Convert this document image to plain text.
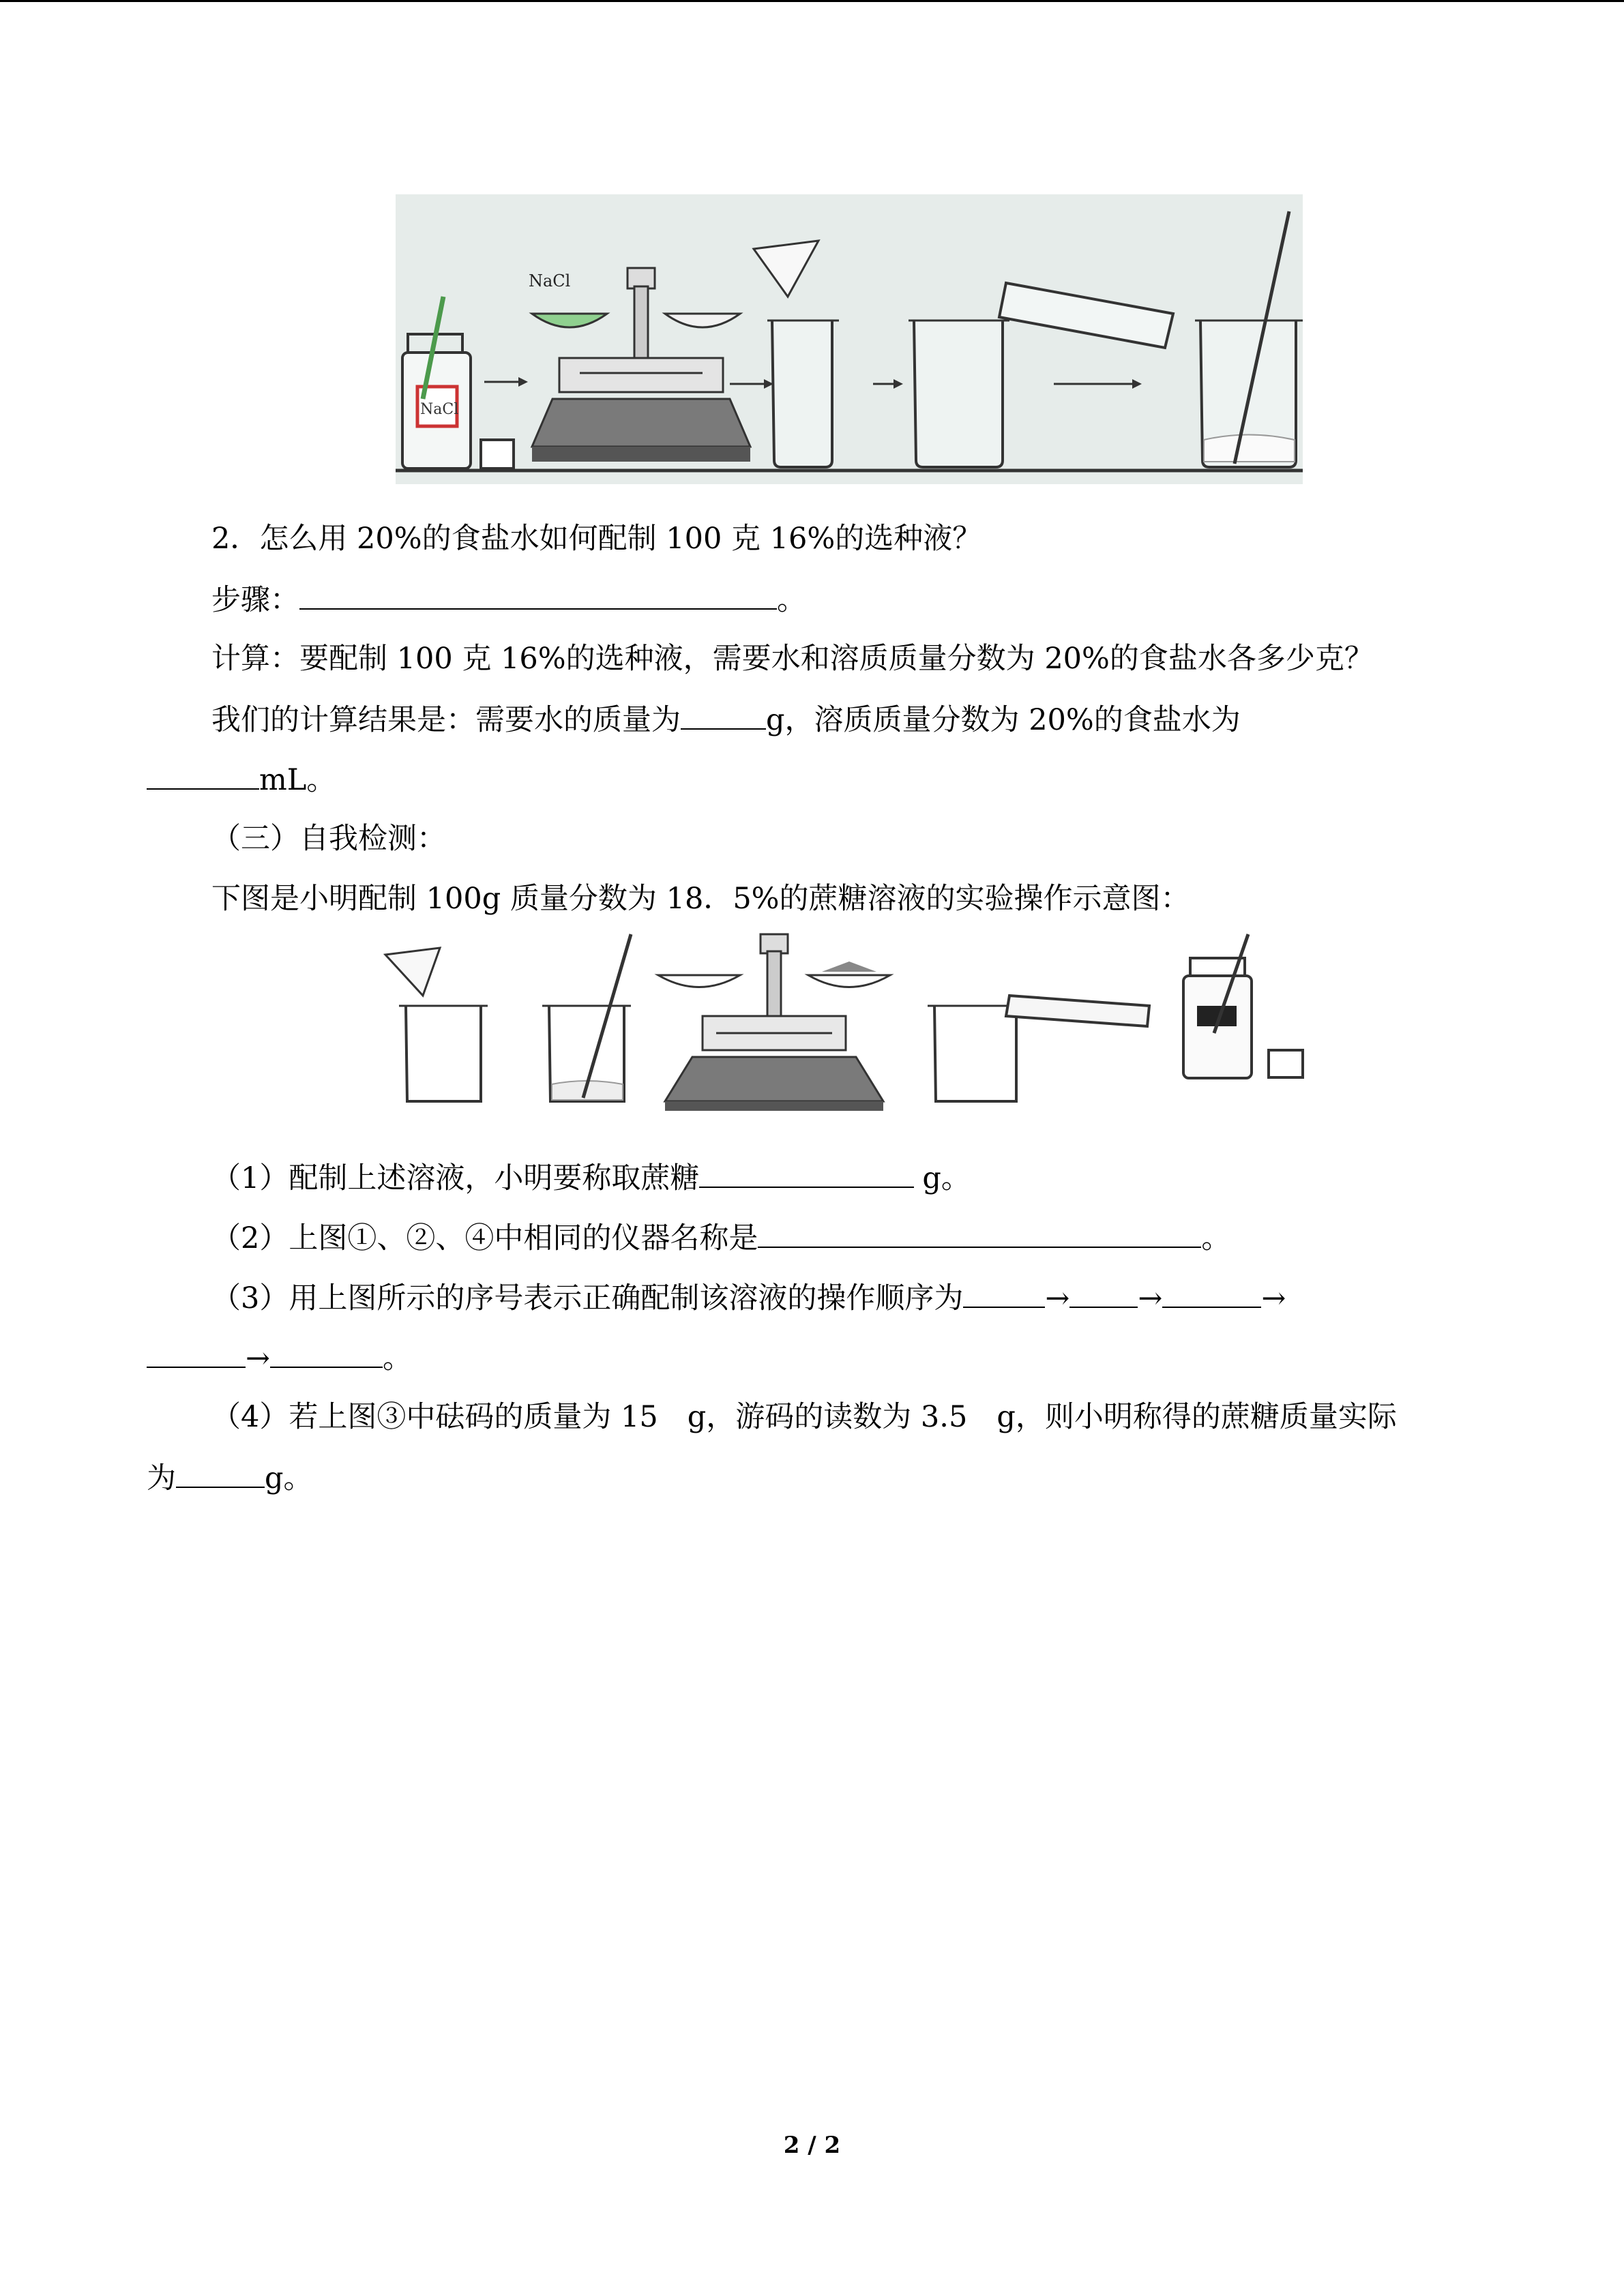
NaCl
NaCl
2．怎么用 20%的食盐水如何配制 100 克 16%的选种液？
步骤：	。
计算：要配制 100 克 16%的选种液，需要水和溶质质量分数为 20%的食盐水各多少克？
我们的计算结果是：需要水的质量为	g，溶质质量分数为 20%的食盐水为
mL。
（三）自我检测：
下图是小明配制 100g 质量分数为 18．5%的蔗糖溶液的实验操作示意图：
（1）配制上述溶液，小明要称取蔗糖	g。
（2）上图①、②、④中相同的仪器名称是	。
（3）用上图所示的序号表示正确配制该溶液的操作顺序为	→ →	→
→	。
（4）若上图③中砝码的质量为 15　g，游码的读数为 3.5　g，则小明称得的蔗糖质量实际
为	g。
2 / 2
